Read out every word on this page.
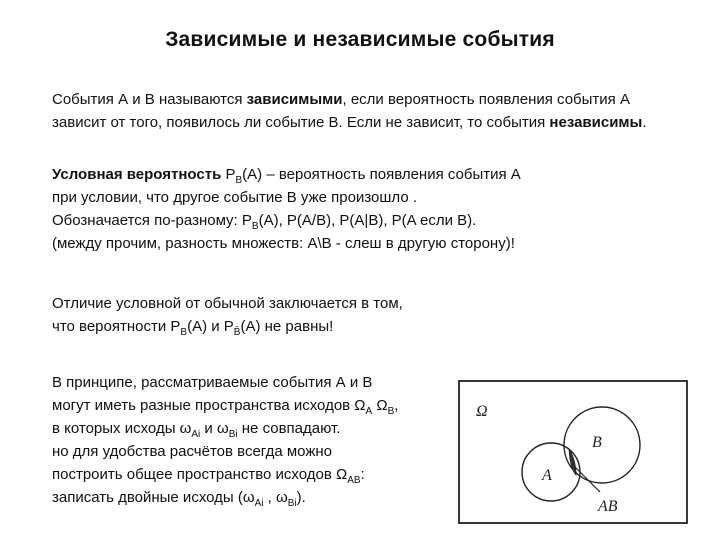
Зависимые и независимые события
События А и В называются зависимыми, если вероятность появления события А
зависит от того, появилось ли событие В. Если не зависит, то события независимы.
Условная вероятность $P_B(A)$ – вероятность появления события А
при условии, что другое событие В уже произошло .
Обозначается по-разному: $P_B(A)$, P(A/B), P(A|B), P(A если B).
(между прочим, разность множеств: A\B - слеш в другую сторону)!
Отличие условной от обычной заключается в том,
что вероятности $P_B(A)$ и $P_{B̄}(A)$ не равны!
В принципе, рассматриваемые события А и В
могут иметь разные пространства исходов $\Omega_A$ $\Omega_B$,
в которых исходы $\omega_{Ai}$ и $\omega_{Bi}$ не совпадают.
но для удобства расчётов всегда можно
построить общее пространство исходов $\Omega_{AB}$:
записать двойные исходы ($\omega_{Ai}$ , $\omega_{Bi}$).
Ω
B
A
AB
